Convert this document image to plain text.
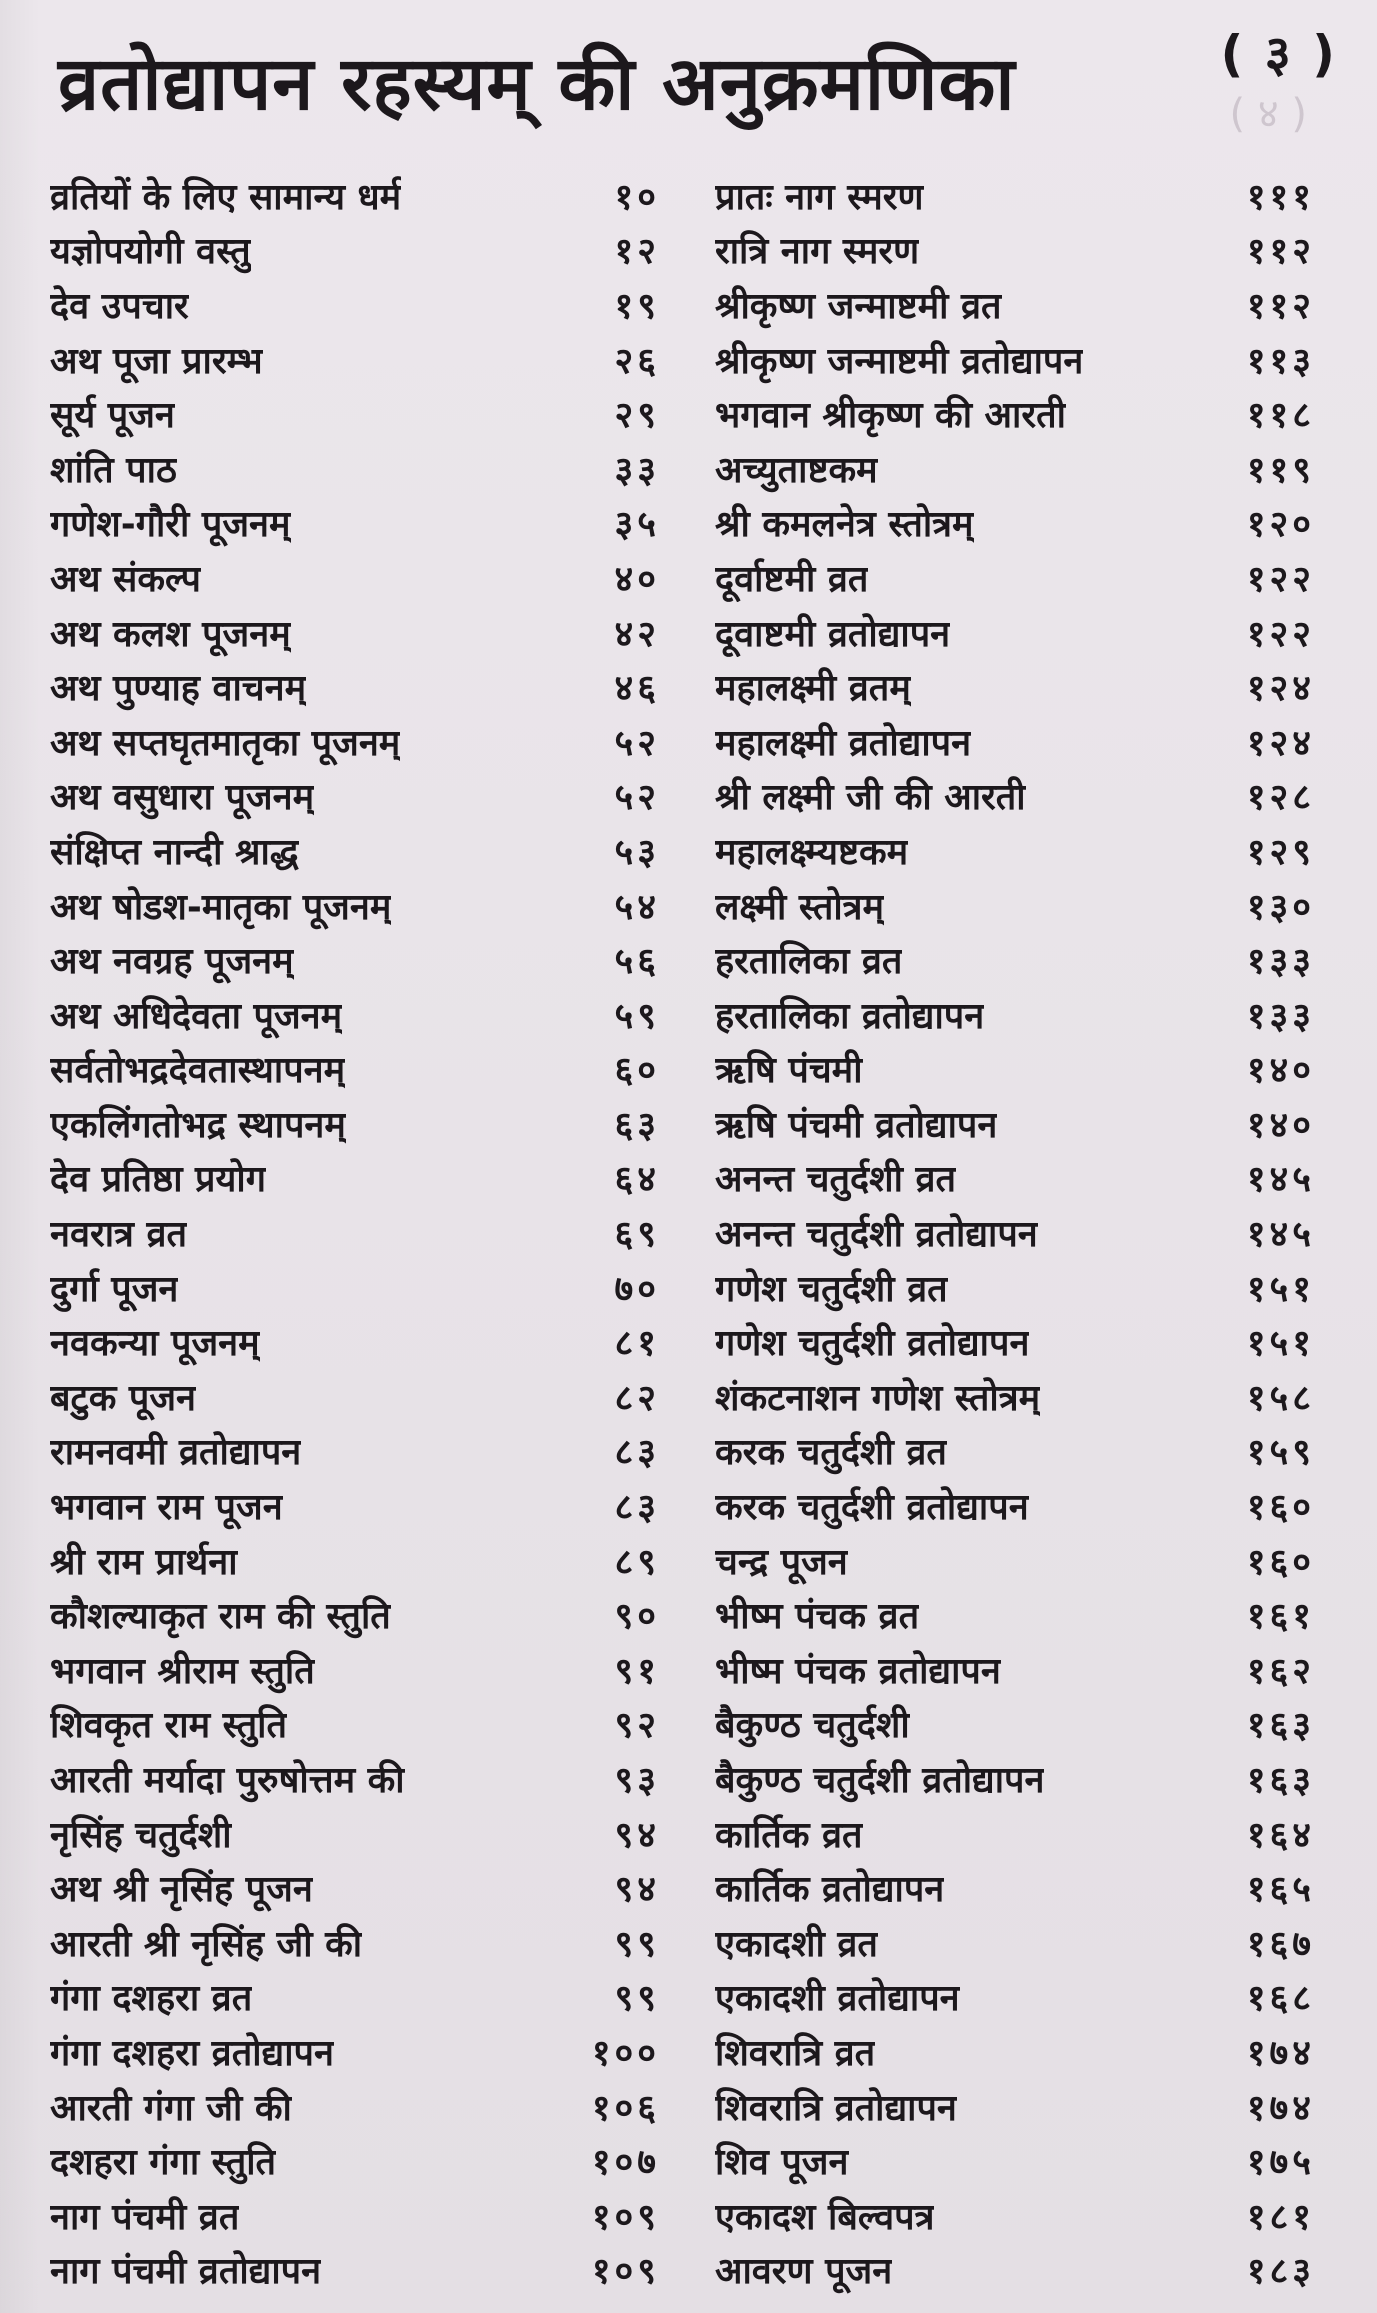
( ३ )
व्रतोद्यापन रहस्यम् की अनुक्रमणिका	( ४ )
व्रतियों के लिए सामान्य धर्म	१०
यज्ञोपयोगी वस्तु	१२
देव उपचार	१९
अथ पूजा प्रारम्भ	२६
सूर्य पूजन	२९
शांति पाठ	३३
गणेश-गौरी पूजनम्	३५
अथ संकल्प	४०
अथ कलश पूजनम्	४२
अथ पुण्याह वाचनम्	४६
अथ सप्तघृतमातृका पूजनम्	५२
अथ वसुधारा पूजनम्	५२
संक्षिप्त नान्दी श्राद्ध	५३
अथ षोडश-मातृका पूजनम्	५४
अथ नवग्रह पूजनम्	५६
अथ अधिदेवता पूजनम्	५९
सर्वतोभद्रदेवतास्थापनम्	६०
एकलिंगतोभद्र स्थापनम्	६३
देव प्रतिष्ठा प्रयोग	६४
नवरात्र व्रत	६९
दुर्गा पूजन	७०
नवकन्या पूजनम्	८१
बटुक पूजन	८२
रामनवमी व्रतोद्यापन	८३
भगवान राम पूजन	८३
श्री राम प्रार्थना	८९
कौशल्याकृत राम की स्तुति	९०
भगवान श्रीराम स्तुति	९१
शिवकृत राम स्तुति	९२
आरती मर्यादा पुरुषोत्तम की	९३
नृसिंह चतुर्दशी	९४
अथ श्री नृसिंह पूजन	९४
आरती श्री नृसिंह जी की	९९
गंगा दशहरा व्रत	९९
गंगा दशहरा व्रतोद्यापन	१००
आरती गंगा जी की	१०६
दशहरा गंगा स्तुति	१०७
नाग पंचमी व्रत	१०९
नाग पंचमी व्रतोद्यापन	१०९
प्रातः नाग स्मरण	१११
रात्रि नाग स्मरण	११२
श्रीकृष्ण जन्माष्टमी व्रत	११२
श्रीकृष्ण जन्माष्टमी व्रतोद्यापन	११३
भगवान श्रीकृष्ण की आरती	११८
अच्युताष्टकम	११९
श्री कमलनेत्र स्तोत्रम्	१२०
दूर्वाष्टमी व्रत	१२२
दूवाष्टमी व्रतोद्यापन	१२२
महालक्ष्मी व्रतम्	१२४
महालक्ष्मी व्रतोद्यापन	१२४
श्री लक्ष्मी जी की आरती	१२८
महालक्ष्म्यष्टकम	१२९
लक्ष्मी स्तोत्रम्	१३०
हरतालिका व्रत	१३३
हरतालिका व्रतोद्यापन	१३३
ऋषि पंचमी	१४०
ऋषि पंचमी व्रतोद्यापन	१४०
अनन्त चतुर्दशी व्रत	१४५
अनन्त चतुर्दशी व्रतोद्यापन	१४५
गणेश चतुर्दशी व्रत	१५१
गणेश चतुर्दशी व्रतोद्यापन	१५१
शंकटनाशन गणेश स्तोत्रम्	१५८
करक चतुर्दशी व्रत	१५९
करक चतुर्दशी व्रतोद्यापन	१६०
चन्द्र पूजन	१६०
भीष्म पंचक व्रत	१६१
भीष्म पंचक व्रतोद्यापन	१६२
बैकुण्ठ चतुर्दशी	१६३
बैकुण्ठ चतुर्दशी व्रतोद्यापन	१६३
कार्तिक व्रत	१६४
कार्तिक व्रतोद्यापन	१६५
एकादशी व्रत	१६७
एकादशी व्रतोद्यापन	१६८
शिवरात्रि व्रत	१७४
शिवरात्रि व्रतोद्यापन	१७४
शिव पूजन	१७५
एकादश बिल्वपत्र	१८१
आवरण पूजन	१८३
